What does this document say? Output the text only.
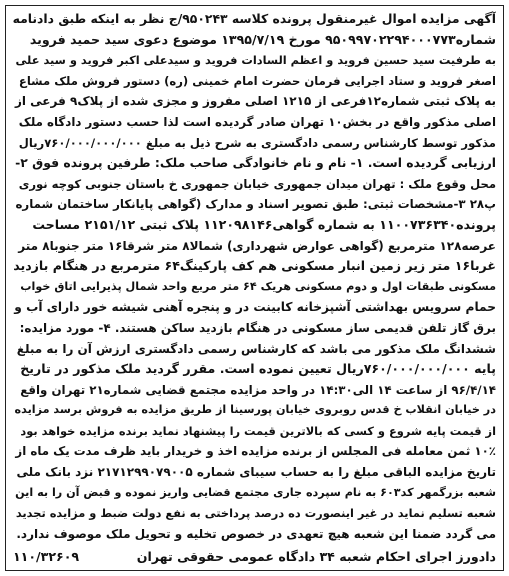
آگهی مزایده اموال غیرمنقول پرونده کلاسه ۹۵۰۲۴۳/ج نظر به اینکه طبق دادنامه
شماره۹۵۰۹۹۷۰۲۲۹۴۰۰۰۷۷۳ مورخ ۱۳۹۵/۷/۱۹ موضوع دعوی سید حمید فروید
به طرفیت سید حسین فروید و اعظم السادات فروید و سیدعلی اکبر فروید و سید علی
اصغر فروید و ستاد اجرایی فرمان حضرت امام خمینی (ره) دستور فروش ملک مشاع
به پلاک ثبتی شماره۱۲فرعی از ۱۲۱۵ اصلی مفروز و مجزی شده از پلاک۹ فرعی از
اصلی مذکور واقع در بخش۱۰ تهران صادر گردیده است لذا حسب دستور دادگاه ملک
مذکور توسط کارشناس رسمی دادگستری به شرح ذیل به مبلغ ۷۶۰/۰۰۰/۰۰۰/۰۰۰ریال
ارزیابی گردیده است. ۱- نام و نام خانوادگی صاحب ملک: طرفین پرونده فوق ۲-
محل وقوع ملک : تهران میدان جمهوری خیابان جمهوری خ باستان جنوبی کوچه نوری
پ۲۸ ۳-مشخصات ثبتی: طبق تصویر اسناد و مدارک (گواهی پایانکار ساختمان شماره
پرونده۱۱۰۰۷۳۶۳۴۰ به شماره گواهی۱۱۲۰۹۸۱۴۶ پلاک ثبتی ۲۱۵۱/۱۲ مساحت
عرصه۱۲۸ مترمربع (گواهی عوارض شهرداری) شمالا۸ متر شرقا۱۶ متر جنوبا۸ متر
غربا۱۶ متر زیر زمین انبار مسکونی هم کف پارکینگ۶۴ مترمربع در هنگام بازدید
مسکونی طبقات اول و دوم مسکونی هریک ۶۴ متر مربع واحد شمال پذیرایی اتاق خواب
حمام سرویس بهداشتی آشپزخانه کابینت در و پنجره آهنی شیشه خور دارای آب و
برق گاز تلفن قدیمی ساز مسکونی در هنگام بازدید ساکن هستند. ۴- مورد مزایده:
ششدانگ ملک مذکور می باشد که کارشناس رسمی دادگستری ارزش آن را به مبلغ
پایه ۷۶۰/۰۰۰/۰۰۰/۰۰۰ریال تعیین نموده است. مقرر گردید ملک مذکور در تاریخ
۹۶/۴/۱۴ از ساعت ۱۴ الی۱۴:۳۰ در واحد مزایده مجتمع قضایی شماره۲۱ تهران واقع
در خیابان انقلاب خ قدس روبروی خیابان پورسینا از طریق مزایده به فروش برسد مزایده
از قیمت پایه شروع و کسی که بالاترین قیمت را پیشنهاد نماید برنده مزایده خواهد بود
۱۰٪ ثمن معامله فی المجلس از برنده مزایده اخذ و خریدار باید ظرف مدت یک ماه از
تاریخ مزایده الباقی مبلغ را به حساب سیبای شماره ۲۱۷۱۲۹۹۰۷۹۰۰۵ نزد بانک ملی
شعبه بزرگمهر کد۶۰۳ به نام سپرده جاری مجتمع قضایی واریز نموده و قبض آن را به این
شعبه تسلیم نماید در غیر اینصورت ده درصد پرداختی به نفع دولت ضبط و مزایده تجدید
می گردد ضمنا این شعبه هیچ تعهدی در خصوص تخلیه و تحویل ملک موصوف ندارد.
دادورز اجرای احکام شعبه ۳۴ دادگاه عمومی حقوقی تهران
۱۱۰/۳۲۶۰۹
